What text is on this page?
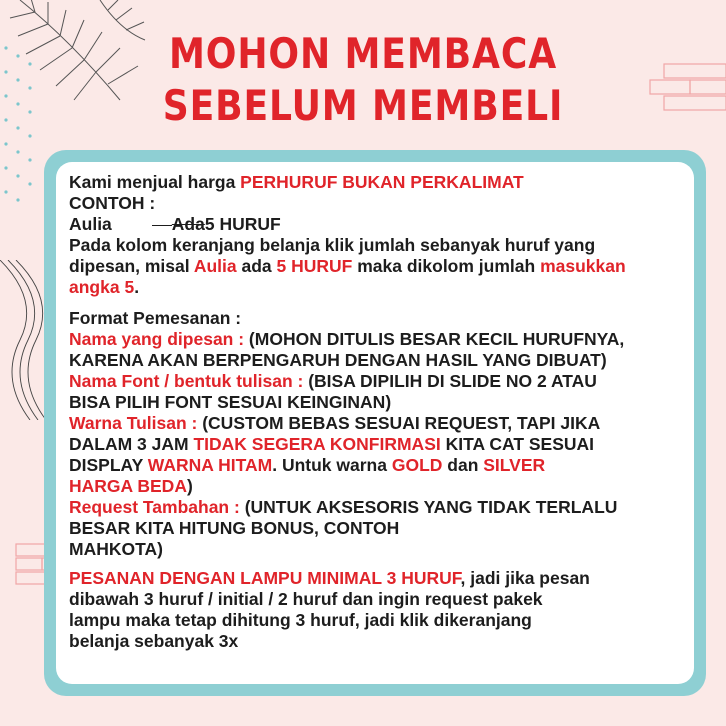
MOHON MEMBACA
SEBELUM MEMBELI

Kami menjual harga PERHURUF BUKAN PERKALIMAT

CONTOH :

Aulia	Ada5 HURUF

Pada kolom keranjang belanja klik jumlah sebanyak huruf yang

dipesan, misal Aulia ada 5 HURUF maka dikolom jumlah masukkan

angka 5.

Format Pemesanan :

Nama yang dipesan : (MOHON DITULIS BESAR KECIL HURUFNYA,

KARENA AKAN BERPENGARUH DENGAN HASIL YANG DIBUAT)

Nama Font / bentuk tulisan : (BISA DIPILIH DI SLIDE NO 2 ATAU

BISA PILIH FONT SESUAI KEINGINAN)

Warna Tulisan : (CUSTOM BEBAS SESUAI REQUEST, TAPI JIKA

DALAM 3 JAM TIDAK SEGERA KONFIRMASI KITA CAT SESUAI

DISPLAY WARNA HITAM. Untuk warna GOLD dan SILVER

HARGA BEDA)

Request Tambahan : (UNTUK AKSESORIS YANG TIDAK TERLALU

BESAR KITA HITUNG BONUS, CONTOH

MAHKOTA)

PESANAN DENGAN LAMPU MINIMAL 3 HURUF, jadi jika pesan

dibawah 3 huruf / initial / 2 huruf dan ingin request pakek

lampu maka tetap dihitung 3 huruf, jadi klik dikeranjang

belanja sebanyak 3x
